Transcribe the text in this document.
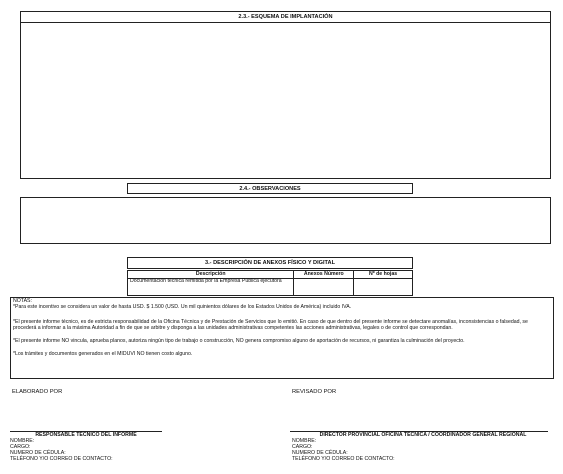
2.3.- ESQUEMA DE IMPLANTACIÓN
2.4.- OBSERVACIONES
3.- DESCRIPCIÓN DE ANEXOS FÍSICO Y DIGITAL
Descripción	Anexos Número	Nº de hojas
Documentación técnica remitida por la Empresa Pública ejecutora		

NOTAS:

*Para este incentivo se considera un valor de hasta USD. $ 1.500 (USD. Un mil quinientos dólares de los Estados Unidos de América) incluido IVA.

*El presente informe técnico, es de estricta responsabilidad de la Oficina Técnica y de Prestación de Servicios que lo emitió. En caso de que dentro del presente informe se detectare anomalías, inconsistencias o falsedad, se procederá a informar a la máxima Autoridad a fin de que se arbitre y disponga a las unidades administrativas competentes las acciones administrativas, legales o de control que correspondan.

*El presente informe NO vincula, aprueba planos, autoriza ningún tipo de trabajo o construcción, NO genera compromiso alguno de aportación de recursos, ni garantiza la culminación del proyecto.

*Los trámites y documentos generados en el MIDUVI NO tienen costo alguno.

ELABORADO POR	REVISADO POR
RESPONSABLE TÉCNICO DEL INFORME
NOMBRE:
CARGO:
NUMERO DE CÉDULA:
TELÉFONO Y/O CORREO DE CONTACTO:
DIRECTOR PROVINCIAL OFICINA TÉCNICA / COORDINADOR GENERAL REGIONAL
NOMBRE:
CARGO:
NUMERO DE CÉDULA:
TELÉFONO Y/O CORREO DE CONTACTO:
